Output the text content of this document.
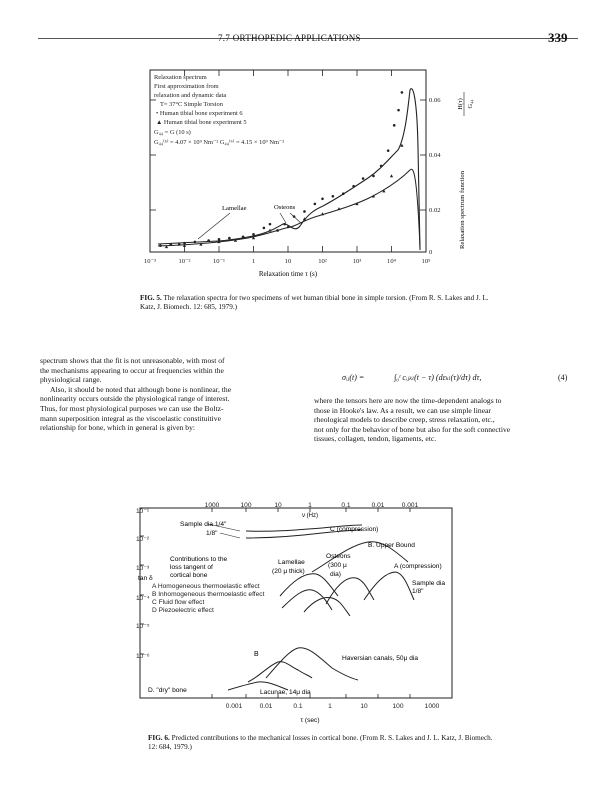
7.7 ORTHOPEDIC APPLICATIONS	339
Relaxation spectrum
First approximation from
relaxation and dynamic data
T= 37°C Simple Torsion
• Human tibial bone experiment 6
▲ Human tibial bone experiment 5
G₄₄ = G (10 s)
G₄₄⁽⁵⁾ = 4.07 × 10⁹ Nm⁻² G₄₄⁽⁶⁾ = 4.15 × 10⁹ Nm⁻²
10⁻³	10⁻²	10⁻¹	1	10	10²	10³	10⁴	10⁵
Relaxation time τ (s)
0.06
0.04
0.02
0
H(τ) G₄₄
Relaxation spectrum function
Lamellae	Osteons
FIG. 5. The relaxation spectra for two specimens of wet human tibial bone in simple torsion. (From R. S. Lakes and J. L. Katz, J. Biomech. 12: 685, 1979.)
spectrum shows that the fit is not unreasonable, with most of
the mechanisms appearing to occur at frequencies within the
physiological range.
Also, it should be noted that although bone is nonlinear, the
nonlinearity occurs outside the physiological range of interest.
Thus, for most physiological purposes we can use the Boltz-
mann superposition integral as the viscoelastic constituitive
relationship for bone, which in general is given by:
σᵢⱼ(t) =	∫₀ᵗ cᵢⱼₖₗ(t − τ) (dεₖₗ(τ)/dτ) dτ,	(4)
where the tensors here are now the time-dependent analogs to
those in Hooke's law. As a result, we can use simple linear
rheological models to describe creep, stress relaxation, etc.,
not only for the behavior of bone but also for the soft connective
tissues, collagen, tendon, ligaments, etc.
1000	100	10	1	0.1	0.01	0.001
ν (Hz)
10⁻¹
10⁻²
10⁻³
10⁻⁴
10⁻⁵
10⁻⁶
tan δ
0.001	0.01	0.1	1	10	100	1000
τ (sec)
Sample dia 1/4"
1/8"
C (compression)
B. Upper Bound
Contributions to the
loss tangent of
cortical bone
Lamellae
(20 μ thick)
Osteons
(300 μ
dia)
A (compression)
Sample dia
1/8"
A Homogeneous thermoelastic effect
B Inhomogeneous thermoelastic effect
C Fluid flow effect
D Piezoelectric effect
B
Haversian canals, 50μ dia
D. "dry" bone	Lacunae, 14μ dia
FIG. 6. Predicted contributions to the mechanical losses in cortical bone. (From R. S. Lakes and J. L. Katz, J. Biomech. 12: 684, 1979.)
